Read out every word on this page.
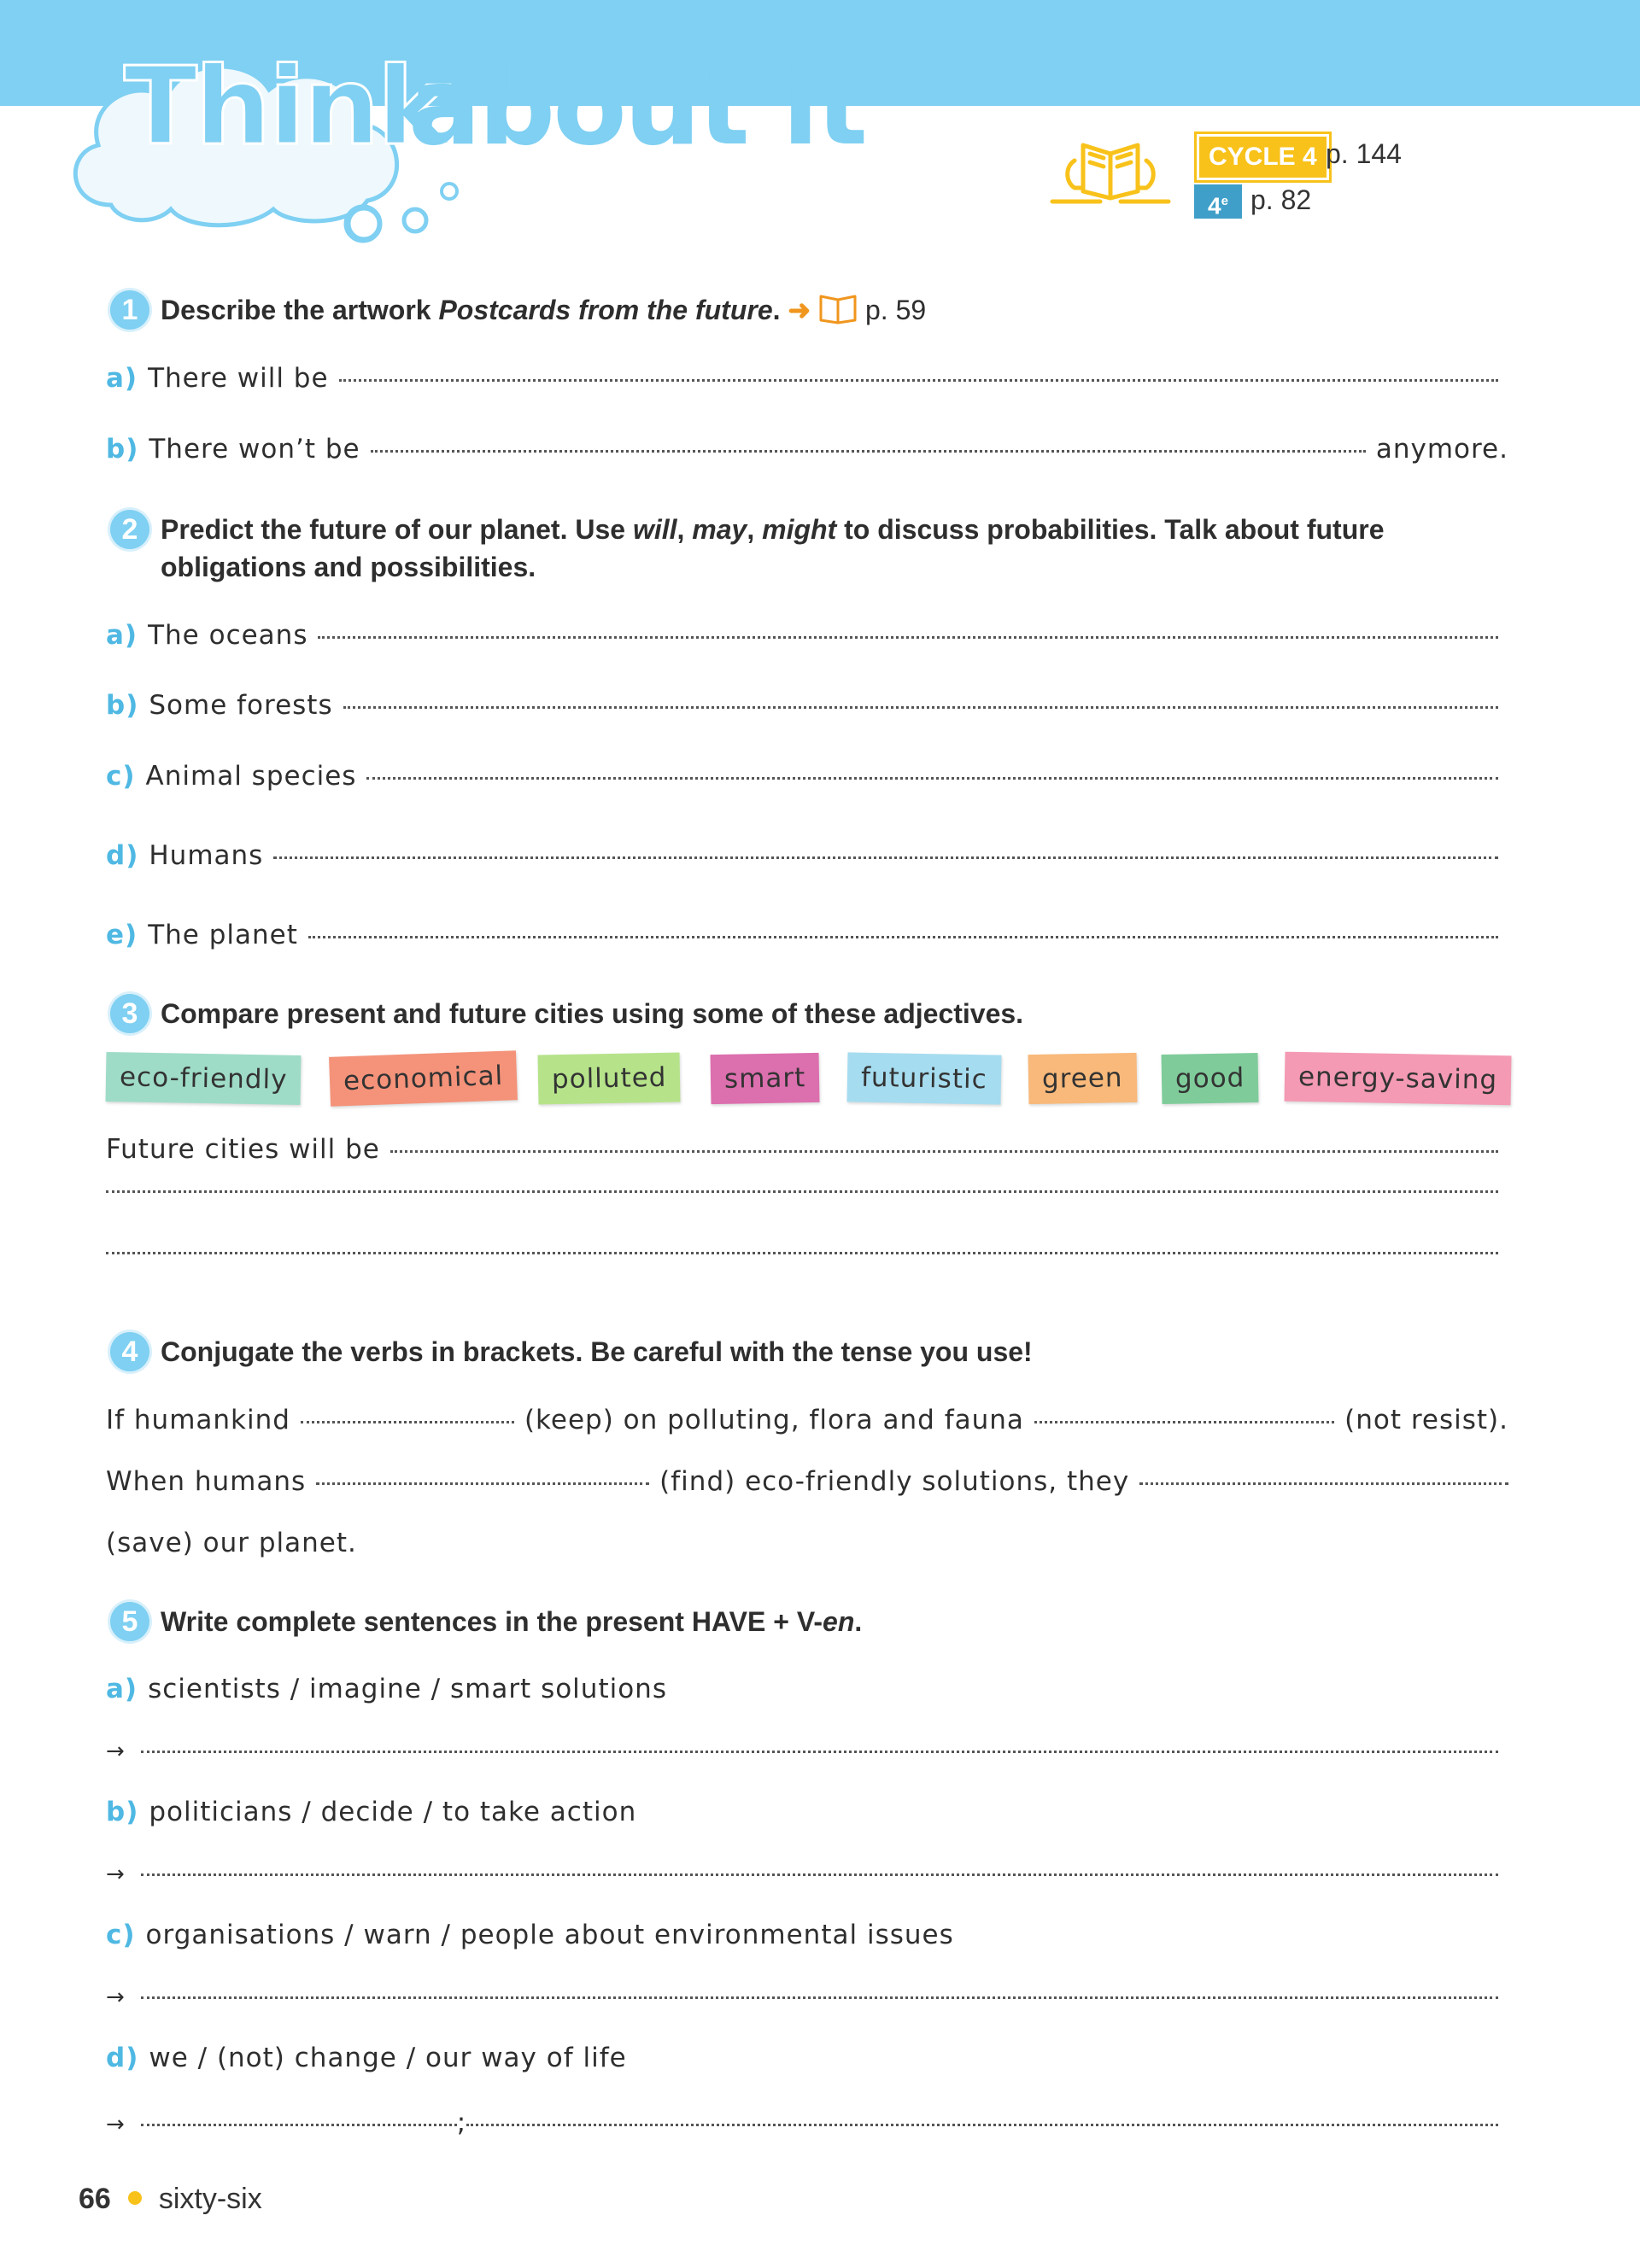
Think
about it	CYCLE 4 p. 144
4e p. 82
1 Describe the artwork Postcards from the future. ➜ p. 59
a) There will be
b) There won’t be	anymore.
2 Predict the future of our planet. Use will, may, might to discuss probabilities. Talk about future obligations and possibilities.
a) The oceans
b) Some forests
c) Animal species
d) Humans
e) The planet
3 Compare present and future cities using some of these adjectives.
eco-friendly	economical	polluted	smart	futuristic	green	good	energy-saving
Future cities will be
4 Conjugate the verbs in brackets. Be careful with the tense you use!
If humankind	(keep) on polluting, flora and fauna	(not resist).
When humans	(find) eco-friendly solutions, they
(save) our planet.
5 Write complete sentences in the present HAVE + V-en.
a) scientists / imagine / smart solutions
→
b) politicians / decide / to take action
→
c) organisations / warn / people about environmental issues
→
d) we / (not) change / our way of life
→	;
66 sixty-six
